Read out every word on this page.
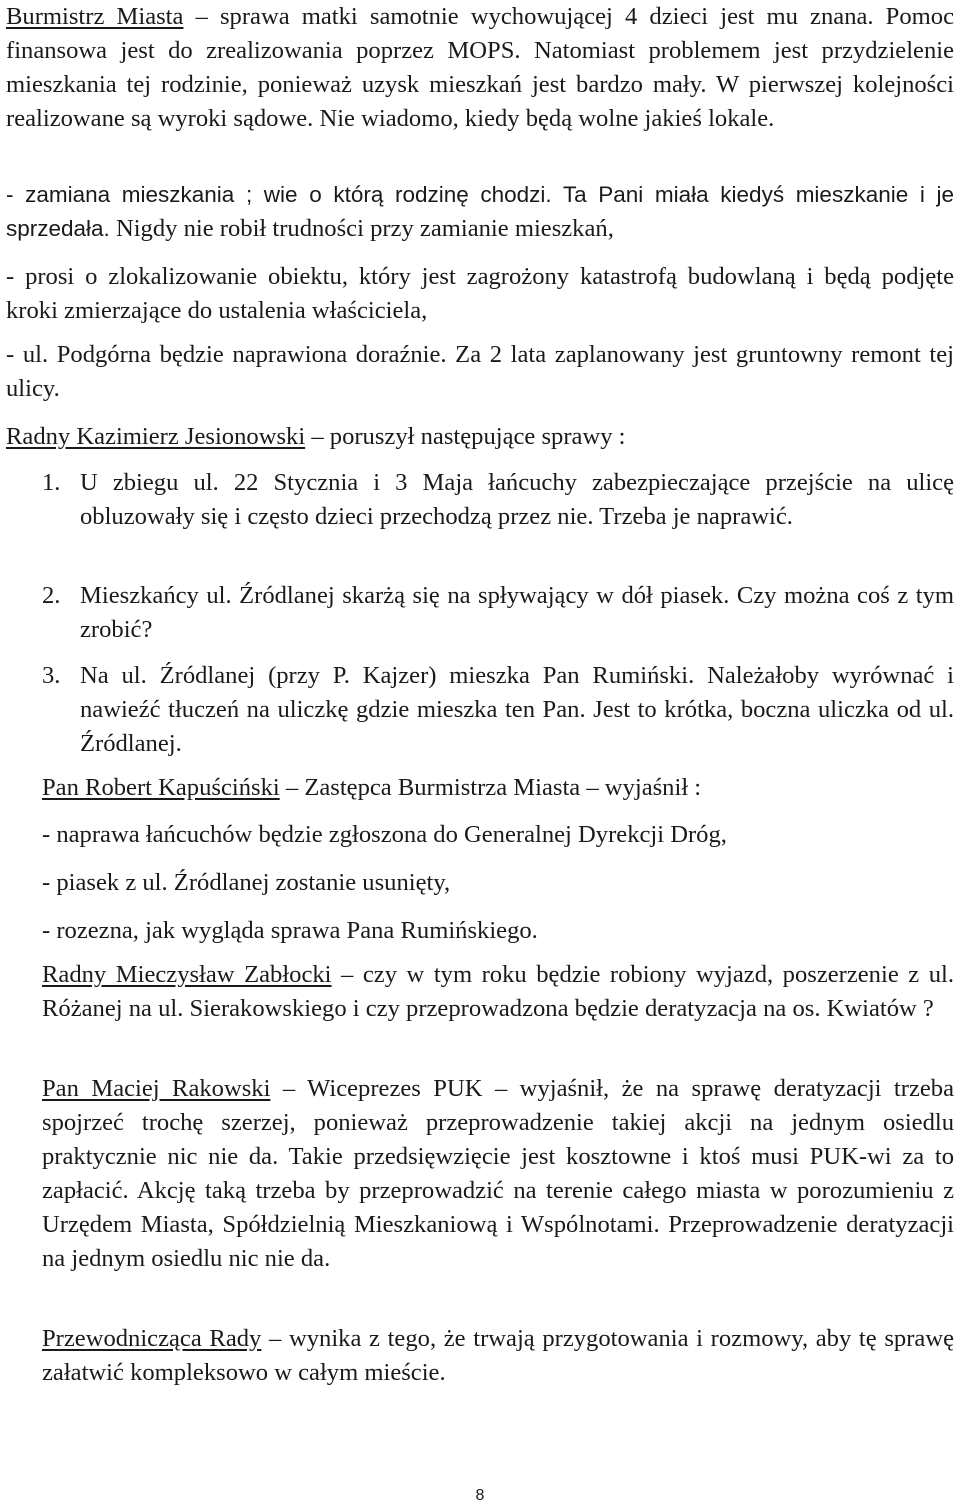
Burmistrz Miasta – sprawa matki samotnie wychowującej 4 dzieci jest mu znana. Pomoc finansowa jest do zrealizowania poprzez MOPS. Natomiast problemem jest przydzielenie mieszkania tej rodzinie, ponieważ uzysk mieszkań jest bardzo mały. W pierwszej kolejności realizowane są wyroki sądowe. Nie wiadomo, kiedy będą wolne jakieś lokale.
- zamiana mieszkania ; wie o którą rodzinę chodzi. Ta Pani miała kiedyś mieszkanie i je sprzedała. Nigdy nie robił trudności przy zamianie mieszkań,
- prosi o zlokalizowanie obiektu, który jest zagrożony katastrofą budowlaną i będą podjęte kroki zmierzające do ustalenia właściciela,
- ul. Podgórna będzie naprawiona doraźnie. Za 2 lata zaplanowany jest gruntowny remont tej ulicy.
Radny Kazimierz Jesionowski – poruszył następujące sprawy :
1. U zbiegu ul. 22 Stycznia i 3 Maja łańcuchy zabezpieczające przejście na ulicę obluzowały się i często dzieci przechodzą przez nie. Trzeba je naprawić.
2. Mieszkańcy ul. Źródlanej skarżą się na spływający w dół piasek. Czy można coś z tym zrobić?
3. Na ul. Źródlanej (przy P. Kajzer) mieszka Pan Rumiński. Należałoby wyrównać i nawieźć tłuczeń na uliczkę gdzie mieszka ten Pan. Jest to krótka, boczna uliczka od ul. Źródlanej.
Pan Robert Kapuściński – Zastępca Burmistrza Miasta – wyjaśnił :
- naprawa łańcuchów będzie zgłoszona do Generalnej Dyrekcji Dróg,
- piasek z ul. Źródlanej zostanie usunięty,
- rozezna, jak wygląda sprawa Pana Rumińskiego.
Radny Mieczysław Zabłocki – czy w tym roku będzie robiony wyjazd, poszerzenie z ul. Różanej na ul. Sierakowskiego i czy przeprowadzona będzie deratyzacja na os. Kwiatów ?
Pan Maciej Rakowski – Wiceprezes PUK – wyjaśnił, że na sprawę deratyzacji trzeba spojrzeć trochę szerzej, ponieważ przeprowadzenie takiej akcji na jednym osiedlu praktycznie nic nie da. Takie przedsięwzięcie jest kosztowne i ktoś musi PUK-wi za to zapłacić. Akcję taką trzeba by przeprowadzić na terenie całego miasta w porozumieniu z Urzędem Miasta, Spółdzielnią Mieszkaniową i Wspólnotami. Przeprowadzenie deratyzacji na jednym osiedlu nic nie da.
Przewodnicząca Rady – wynika z tego, że trwają przygotowania i rozmowy, aby tę sprawę załatwić kompleksowo w całym mieście.
8
